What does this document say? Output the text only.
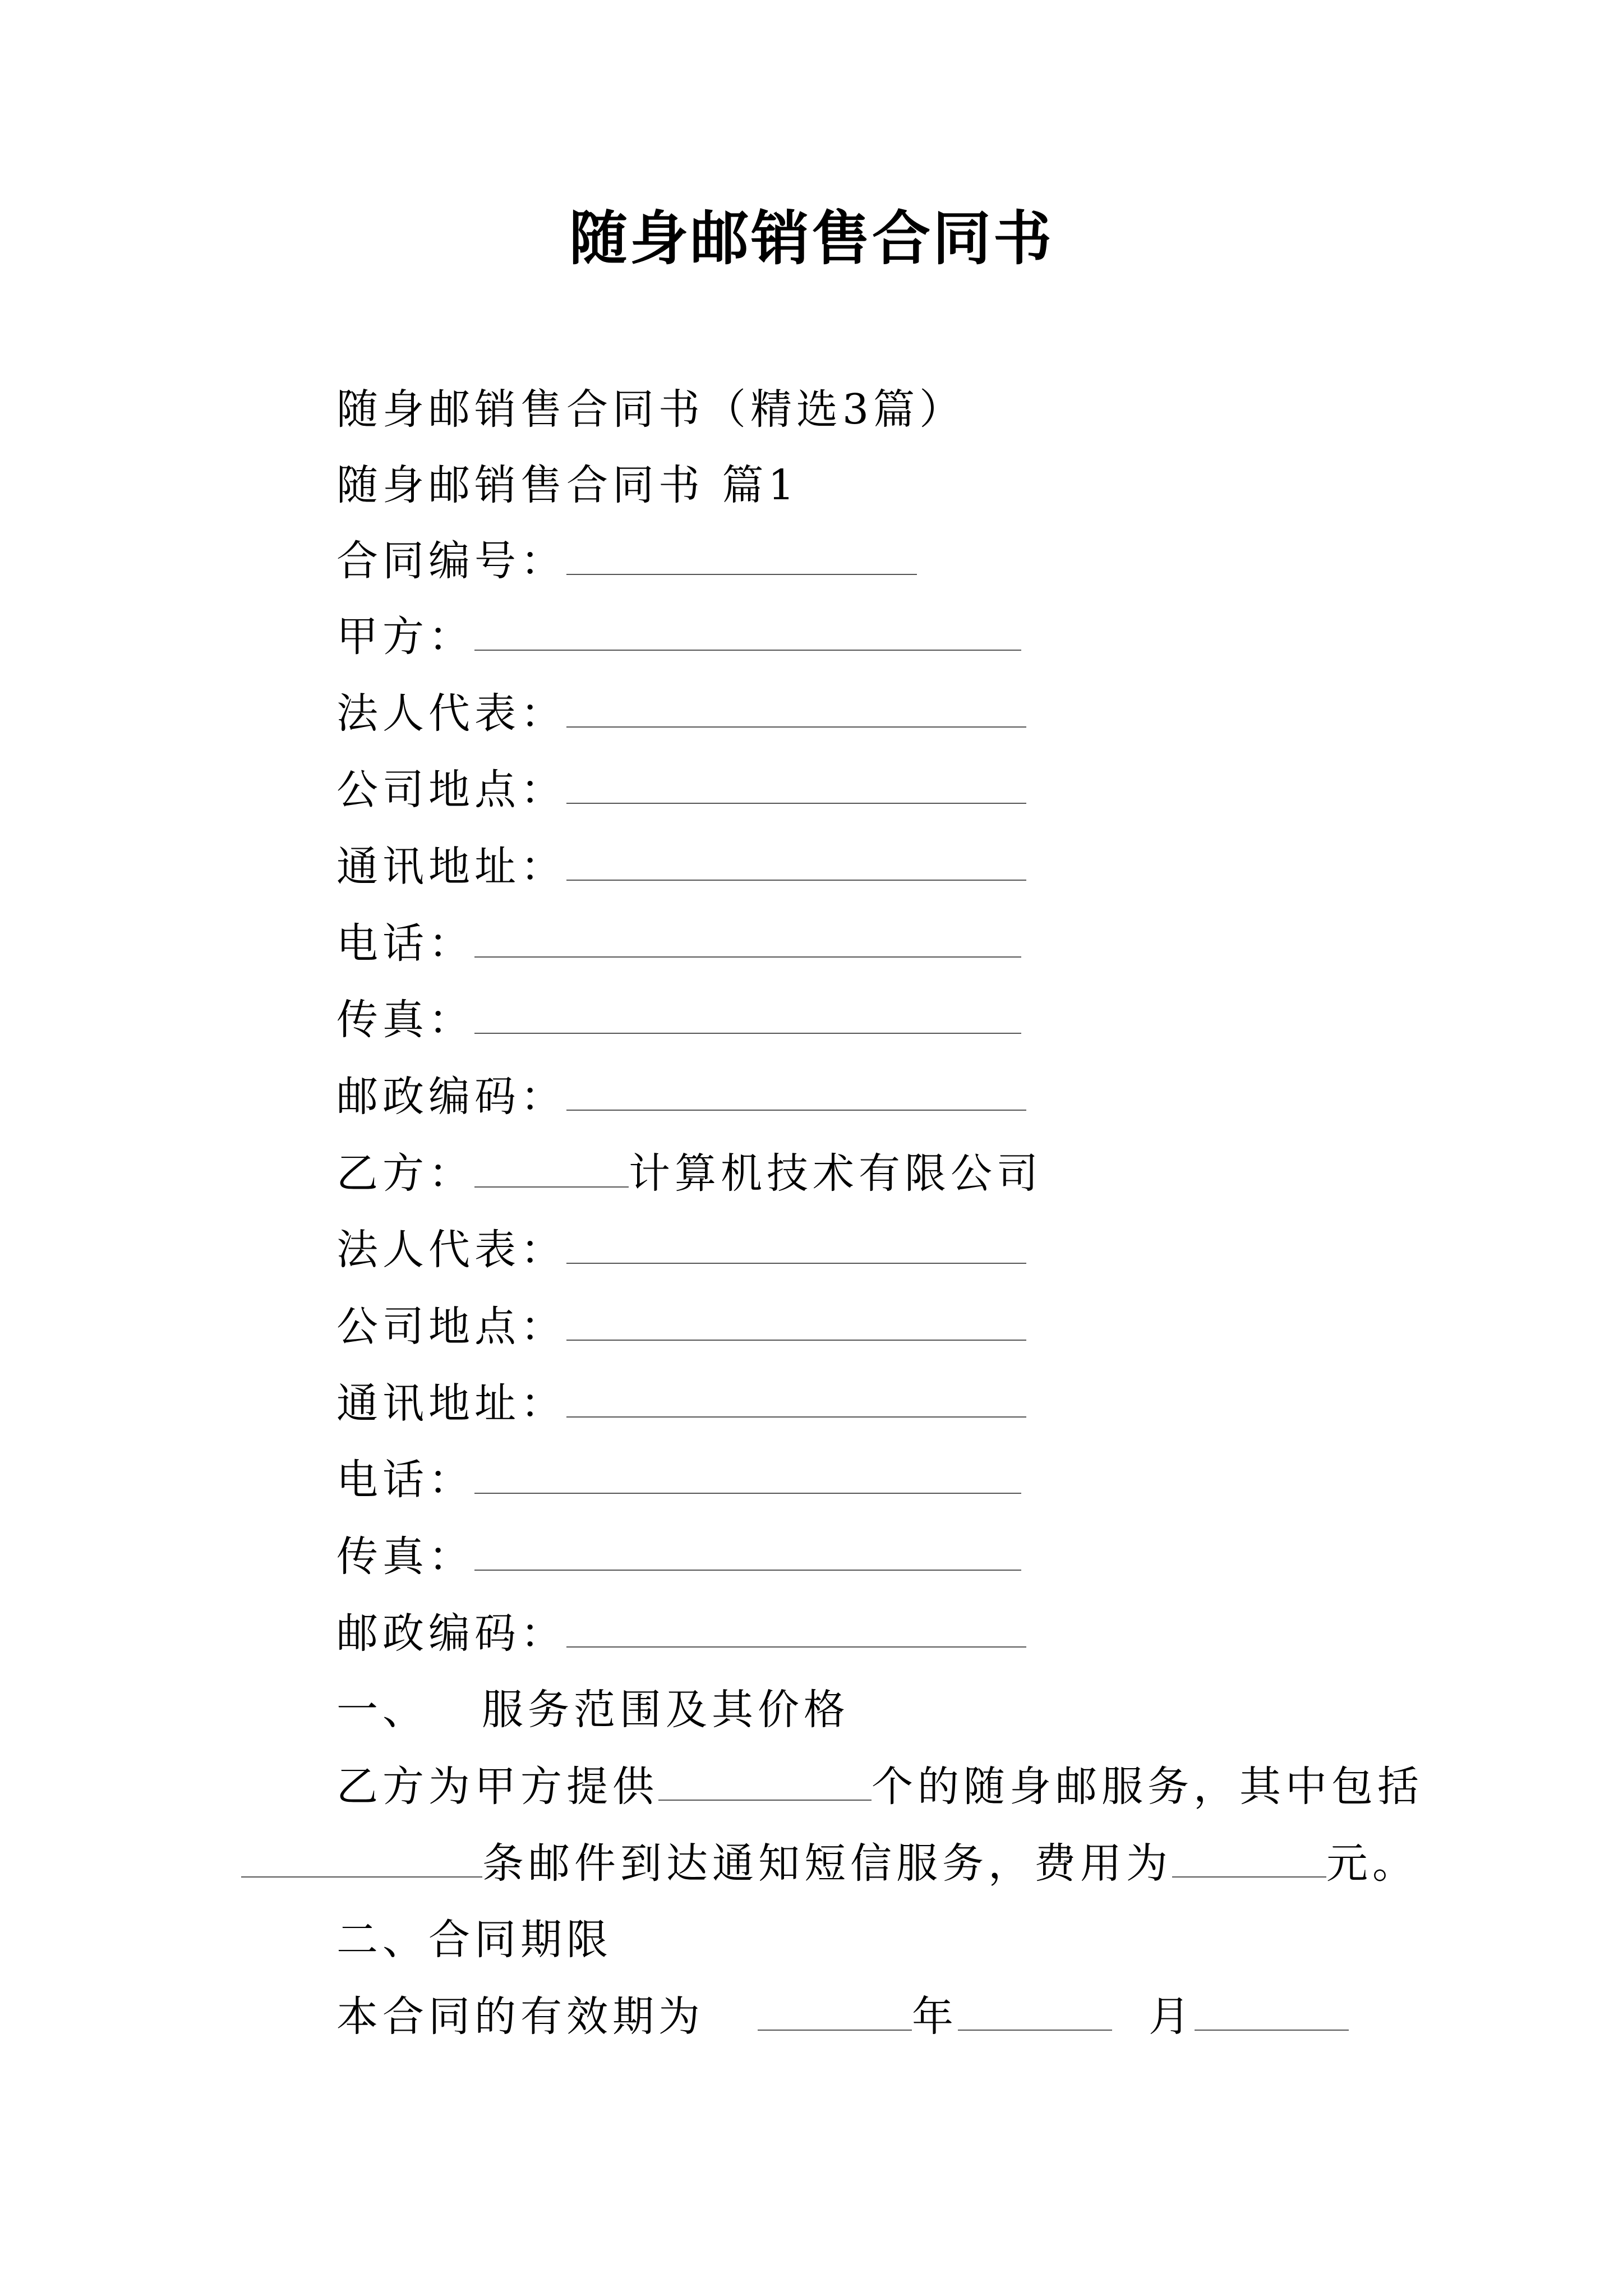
随身邮销售合同书
随身邮销售合同书（精选3篇）
随身邮销售合同书 篇1
合同编号：
甲方：
法人代表：
公司地点：
通讯地址：
电话：
传真：
邮政编码：
乙方：	计算机技术有限公司
法人代表：
公司地点：
通讯地址：
电话：
传真：
邮政编码：
一、 服务范围及其价格
乙方为甲方提供	个的随身邮服务，其中包括
条邮件到达通知短信服务，费用为	元。
二、合同期限
本合同的有效期为	年	月
